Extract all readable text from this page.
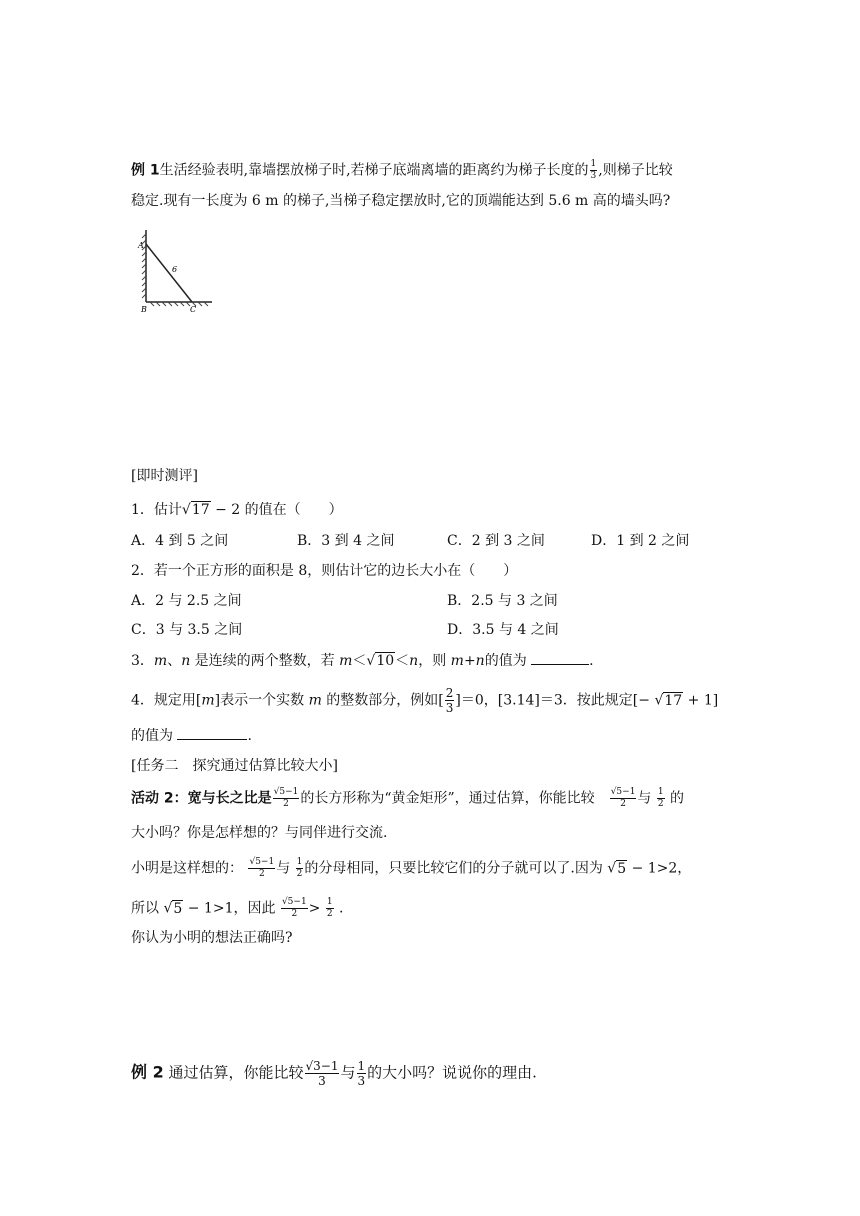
例 1生活经验表明,靠墙摆放梯子时,若梯子底端离墙的距离约为梯子长度的 $\frac{1}{3}$ ,则梯子比较
稳定.现有一长度为 6 m 的梯子,当梯子稳定摆放时,它的顶端能达到 5.6 m 高的墙头吗?
A
6
B	C
[即时测评]
1．估计√17 − 2 的值在（　　）
A．4 到 5 之间	B．3 到 4 之间	C．2 到 3 之间	D．1 到 2 之间
2．若一个正方形的面积是 8，则估计它的边长大小在（　　）
A．2 与 2.5 之间	B．2.5 与 3 之间
C．3 与 3.5 之间	D．3.5 与 4 之间
3．m、n 是连续的两个整数，若 m＜√10＜n，则 m+n的值为	.
4．规定用[m]表示一个实数 m 的整数部分，例如[ $\frac{2}{3} ]=0$，[3.14]＝3．按此规定[− √17 + 1]
的值为	.
[任务二　探究通过估算比较大小]
活动 2：宽与长之比是 $\frac{√5-1}{2}$ 的长方形称为“黄金矩形”，通过估算，你能比较　 $\frac{√5-1}{2}$ 与 $\frac{1}{2}$ 的
大小吗？你是怎样想的？与同伴进行交流.
小明是这样想的： $\frac{√5-1}{2}$ 与 $\frac{1}{2}$ 的分母相同，只要比较它们的分子就可以了.因为 √5 − 1>2，
所以 √5 − 1>1，因此 $\frac{√5-1}{2} > \frac{1}{2}$ .
你认为小明的想法正确吗?
例 2 通过估算，你能比较 $\frac{√3-1}{3}$ 与 $\frac{1}{3}$ 的大小吗？说说你的理由.
